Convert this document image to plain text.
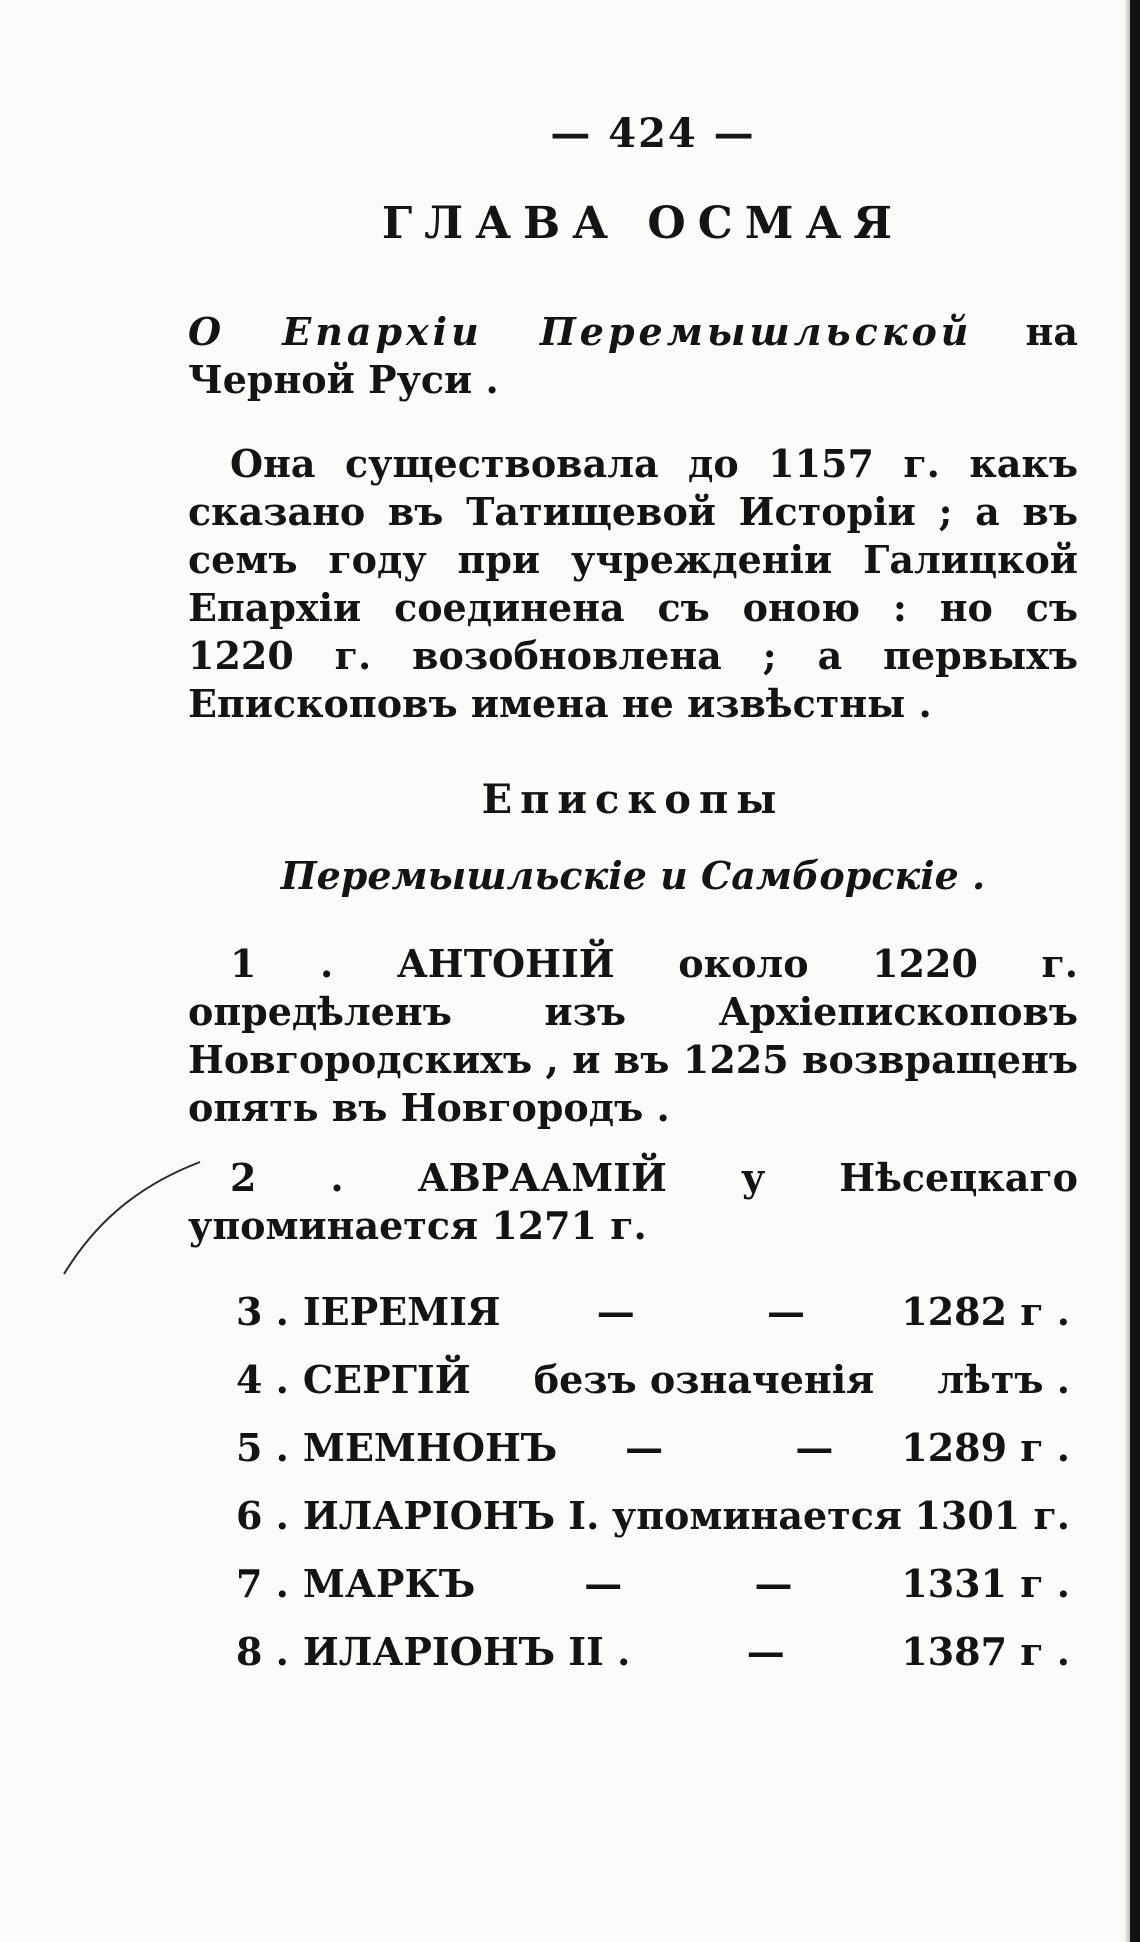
— 424 —
ГЛАВА ОСМАЯ
О Епархіи Перемышльской на Черной Руси .
Она существовала до 1157 г. какъ сказано въ Татищевой Исторіи ; а въ семъ году при учрежденіи Галицкой Епархіи соединена съ оною : но съ 1220 г. возобновлена ; а первыхъ Епископовъ имена не извѣстны .
Епископы
Перемышльскіе и Самборскіе .
1 . АНТОНІЙ около 1220 г. опредѣленъ изъ Архіепископовъ Новгородскихъ , и въ 1225 возвращенъ опять въ Новгородъ .
2 . АВРААМІЙ у Нѣсецкаго упоминается 1271 г.
3 . ІЕРЕМІЯ	—          —	1282 г .
4 . СЕРГІЙ безъ означенія лѣтъ .
5 . МЕМНОНЪ —          — 1289 г .
6 . ИЛАРІОНЪ I. упоминается 1301 г.
7 . МАРКЪ	—          —	1331 г .
8 . ИЛАРІОНЪ II .	—	1387 г .
